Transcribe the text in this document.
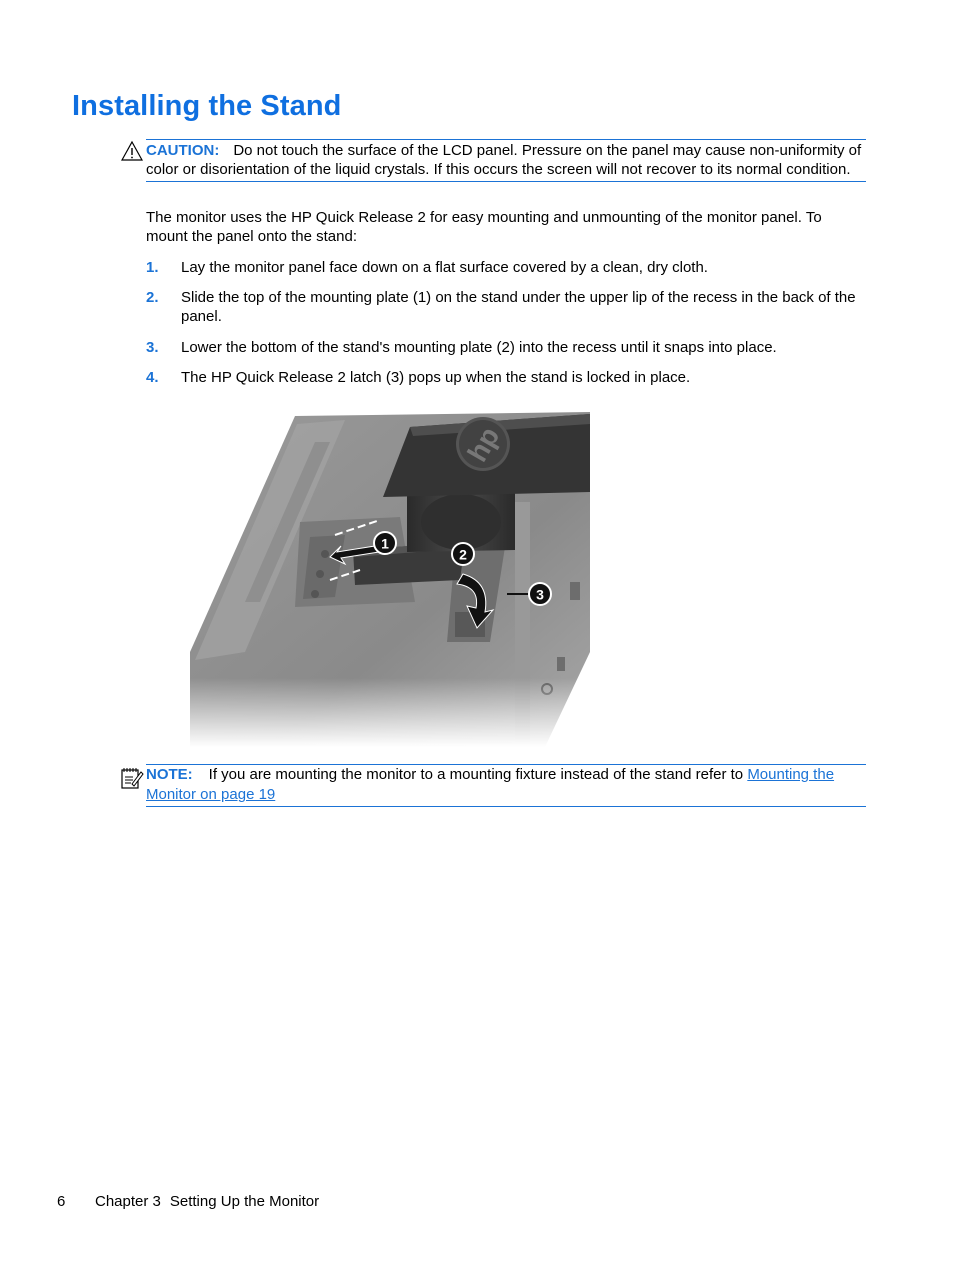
Installing the Stand
CAUTION: Do not touch the surface of the LCD panel. Pressure on the panel may cause non-uniformity of color or disorientation of the liquid crystals. If this occurs the screen will not recover to its normal condition.

The monitor uses the HP Quick Release 2 for easy mounting and unmounting of the monitor panel. To mount the panel onto the stand:

1. Lay the monitor panel face down on a flat surface covered by a clean, dry cloth.
2. Slide the top of the mounting plate (1) on the stand under the upper lip of the recess in the back of the panel.
3. Lower the bottom of the stand's mounting plate (2) into the recess until it snaps into place.
4. The HP Quick Release 2 latch (3) pops up when the stand is locked in place.
NOTE: If you are mounting the monitor to a mounting fixture instead of the stand refer to Mounting the Monitor on page 19
6 Chapter 3 Setting Up the Monitor
